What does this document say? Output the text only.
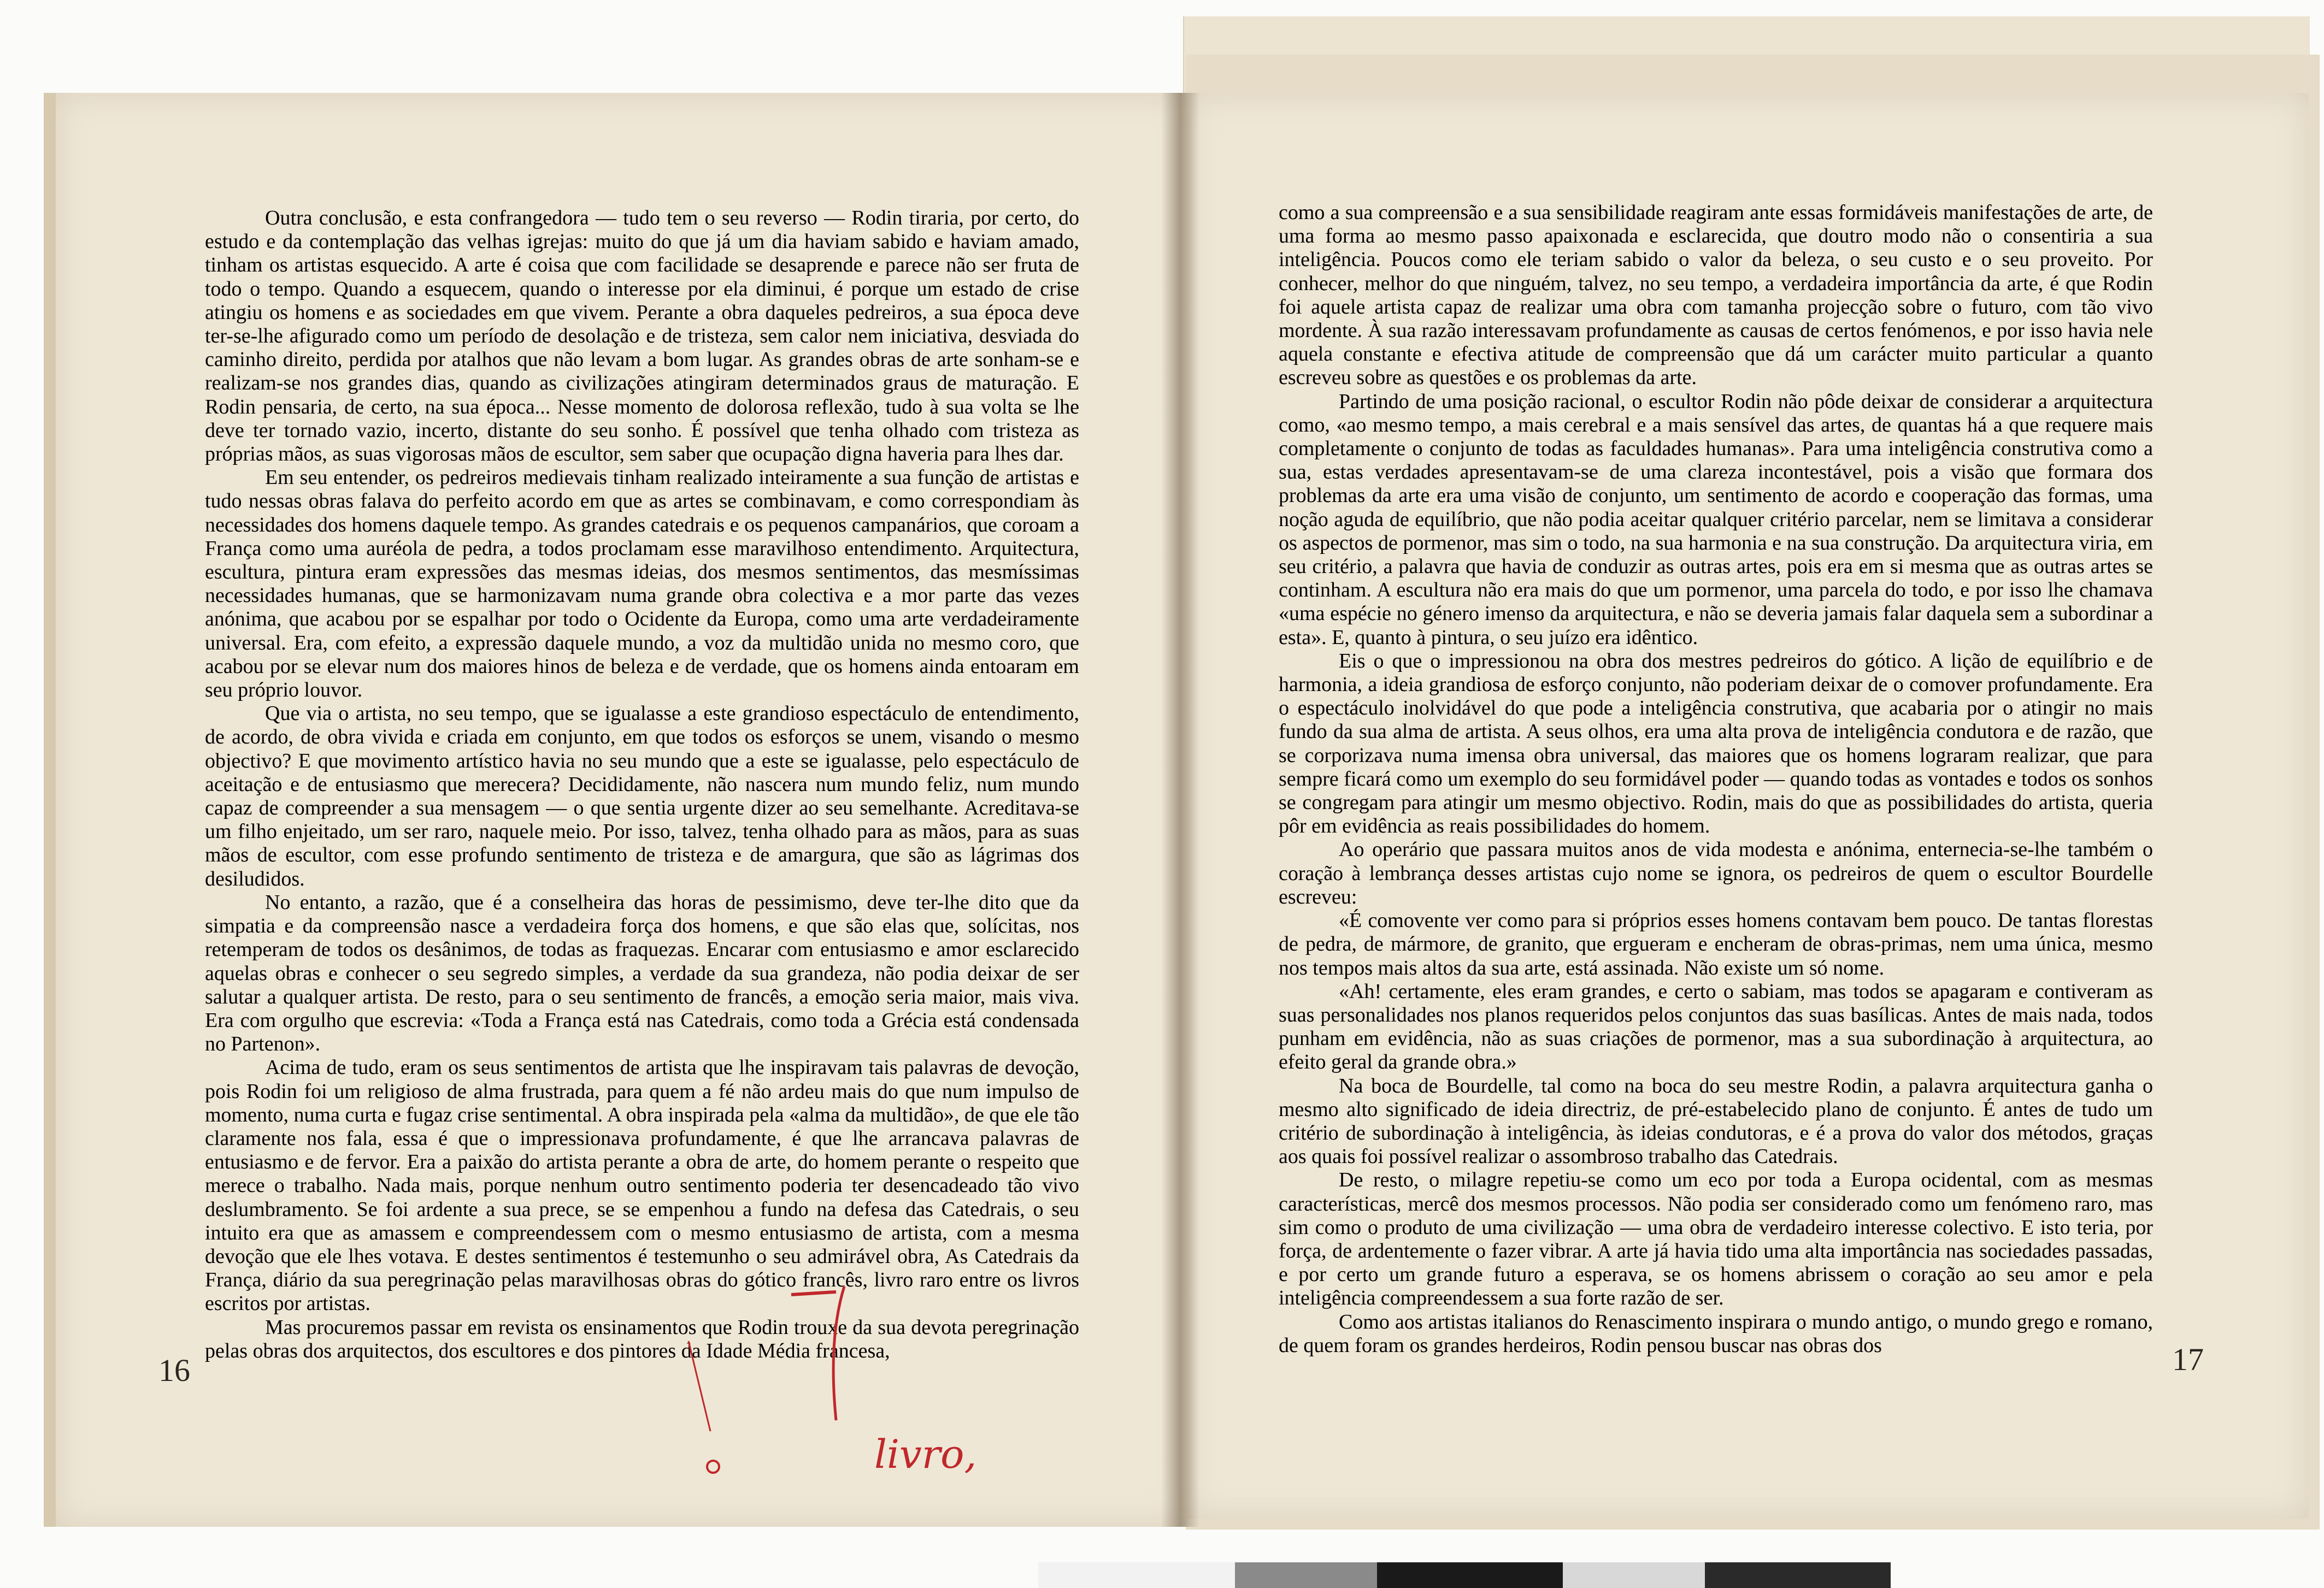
Outra conclusão, e esta confrangedora — tudo tem o seu reverso — Rodin tiraria, por certo, do estudo e da contemplação das velhas igrejas: muito do que já um dia haviam sabido e haviam amado, tinham os artistas esquecido. A arte é coisa que com facilidade se desaprende e parece não ser fruta de todo o tempo. Quando a esquecem, quando o interesse por ela diminui, é porque um estado de crise atingiu os homens e as sociedades em que vivem. Perante a obra daqueles pedreiros, a sua época deve ter-se-lhe afigurado como um período de desolação e de tristeza, sem calor nem iniciativa, desviada do caminho direito, perdida por atalhos que não levam a bom lugar. As grandes obras de arte sonham-se e realizam-se nos grandes dias, quando as civilizações atingiram determinados graus de maturação. E Rodin pensaria, de certo, na sua época... Nesse momento de dolorosa reflexão, tudo à sua volta se lhe deve ter tornado vazio, incerto, distante do seu sonho. É possível que tenha olhado com tristeza as próprias mãos, as suas vigorosas mãos de escultor, sem saber que ocupação digna haveria para lhes dar.

Em seu entender, os pedreiros medievais tinham realizado inteiramente a sua função de artistas e tudo nessas obras falava do perfeito acordo em que as artes se combinavam, e como correspondiam às necessidades dos homens daquele tempo. As grandes catedrais e os pequenos campanários, que coroam a França como uma auréola de pedra, a todos proclamam esse maravilhoso entendimento. Arquitectura, escultura, pintura eram expressões das mesmas ideias, dos mesmos sentimentos, das mesmíssimas necessidades humanas, que se harmonizavam numa grande obra colectiva e a mor parte das vezes anónima, que acabou por se espalhar por todo o Ocidente da Europa, como uma arte verdadeiramente universal. Era, com efeito, a expressão daquele mundo, a voz da multidão unida no mesmo coro, que acabou por se elevar num dos maiores hinos de beleza e de verdade, que os homens ainda entoaram em seu próprio louvor.

Que via o artista, no seu tempo, que se igualasse a este grandioso espectáculo de entendimento, de acordo, de obra vivida e criada em conjunto, em que todos os esforços se unem, visando o mesmo objectivo? E que movimento artístico havia no seu mundo que a este se igualasse, pelo espectáculo de aceitação e de entusiasmo que merecera? Decididamente, não nascera num mundo feliz, num mundo capaz de compreender a sua mensagem — o que sentia urgente dizer ao seu semelhante. Acreditava-se um filho enjeitado, um ser raro, naquele meio. Por isso, talvez, tenha olhado para as mãos, para as suas mãos de escultor, com esse profundo sentimento de tristeza e de amargura, que são as lágrimas dos desiludidos.

No entanto, a razão, que é a conselheira das horas de pessimismo, deve ter-lhe dito que da simpatia e da compreensão nasce a verdadeira força dos homens, e que são elas que, solícitas, nos retemperam de todos os desânimos, de todas as fraquezas. Encarar com entusiasmo e amor esclarecido aquelas obras e conhecer o seu segredo simples, a verdade da sua grandeza, não podia deixar de ser salutar a qualquer artista. De resto, para o seu sentimento de francês, a emoção seria maior, mais viva. Era com orgulho que escrevia: «Toda a França está nas Catedrais, como toda a Grécia está condensada no Partenon».

Acima de tudo, eram os seus sentimentos de artista que lhe inspiravam tais palavras de devoção, pois Rodin foi um religioso de alma frustrada, para quem a fé não ardeu mais do que num impulso de momento, numa curta e fugaz crise sentimental. A obra inspirada pela «alma da multidão», de que ele tão claramente nos fala, essa é que o impressionava profundamente, é que lhe arrancava palavras de entusiasmo e de fervor. Era a paixão do artista perante a obra de arte, do homem perante o respeito que merece o trabalho. Nada mais, porque nenhum outro sentimento poderia ter desencadeado tão vivo deslumbramento. Se foi ardente a sua prece, se se empenhou a fundo na defesa das Catedrais, o seu intuito era que as amassem e compreendessem com o mesmo entusiasmo de artista, com a mesma devoção que ele lhes votava. E destes sentimentos é testemunho o seu admirável obra, As Catedrais da França, diário da sua peregrinação pelas maravilhosas obras do gótico francês, livro raro entre os livros escritos por artistas.

Mas procuremos passar em revista os ensinamentos que Rodin trouxe da sua devota peregrinação pelas obras dos arquitectos, dos escultores e dos pintores da Idade Média francesa,

como a sua compreensão e a sua sensibilidade reagiram ante essas formidáveis manifestações de arte, de uma forma ao mesmo passo apaixonada e esclarecida, que doutro modo não o consentiria a sua inteligência. Poucos como ele teriam sabido o valor da beleza, o seu custo e o seu proveito. Por conhecer, melhor do que ninguém, talvez, no seu tempo, a verdadeira importância da arte, é que Rodin foi aquele artista capaz de realizar uma obra com tamanha projecção sobre o futuro, com tão vivo mordente. À sua razão interessavam profundamente as causas de certos fenómenos, e por isso havia nele aquela constante e efectiva atitude de compreensão que dá um carácter muito particular a quanto escreveu sobre as questões e os problemas da arte.

Partindo de uma posição racional, o escultor Rodin não pôde deixar de considerar a arquitectura como, «ao mesmo tempo, a mais cerebral e a mais sensível das artes, de quantas há a que requere mais completamente o conjunto de todas as faculdades humanas». Para uma inteligência construtiva como a sua, estas verdades apresentavam-se de uma clareza incontestável, pois a visão que formara dos problemas da arte era uma visão de conjunto, um sentimento de acordo e cooperação das formas, uma noção aguda de equilíbrio, que não podia aceitar qualquer critério parcelar, nem se limitava a considerar os aspectos de pormenor, mas sim o todo, na sua harmonia e na sua construção. Da arquitectura viria, em seu critério, a palavra que havia de conduzir as outras artes, pois era em si mesma que as outras artes se continham. A escultura não era mais do que um pormenor, uma parcela do todo, e por isso lhe chamava «uma espécie no género imenso da arquitectura, e não se deveria jamais falar daquela sem a subordinar a esta». E, quanto à pintura, o seu juízo era idêntico.

Eis o que o impressionou na obra dos mestres pedreiros do gótico. A lição de equilíbrio e de harmonia, a ideia grandiosa de esforço conjunto, não poderiam deixar de o comover profundamente. Era o espectáculo inolvidável do que pode a inteligência construtiva, que acabaria por o atingir no mais fundo da sua alma de artista. A seus olhos, era uma alta prova de inteligência condutora e de razão, que se corporizava numa imensa obra universal, das maiores que os homens lograram realizar, que para sempre ficará como um exemplo do seu formidável poder — quando todas as vontades e todos os sonhos se congregam para atingir um mesmo objectivo. Rodin, mais do que as possibilidades do artista, queria pôr em evidência as reais possibilidades do homem.

Ao operário que passara muitos anos de vida modesta e anónima, enternecia-se-lhe também o coração à lembrança desses artistas cujo nome se ignora, os pedreiros de quem o escultor Bourdelle escreveu:

«É comovente ver como para si próprios esses homens contavam bem pouco. De tantas florestas de pedra, de mármore, de granito, que ergueram e encheram de obras-primas, nem uma única, mesmo nos tempos mais altos da sua arte, está assinada. Não existe um só nome.

«Ah! certamente, eles eram grandes, e certo o sabiam, mas todos se apagaram e contiveram as suas personalidades nos planos requeridos pelos conjuntos das suas basílicas. Antes de mais nada, todos punham em evidência, não as suas criações de pormenor, mas a sua subordinação à arquitectura, ao efeito geral da grande obra.»

Na boca de Bourdelle, tal como na boca do seu mestre Rodin, a palavra arquitectura ganha o mesmo alto significado de ideia directriz, de pré-estabelecido plano de conjunto. É antes de tudo um critério de subordinação à inteligência, às ideias condutoras, e é a prova do valor dos métodos, graças aos quais foi possível realizar o assombroso trabalho das Catedrais.

De resto, o milagre repetiu-se como um eco por toda a Europa ocidental, com as mesmas características, mercê dos mesmos processos. Não podia ser considerado como um fenómeno raro, mas sim como o produto de uma civilização — uma obra de verdadeiro interesse colectivo. E isto teria, por força, de ardentemente o fazer vibrar. A arte já havia tido uma alta importância nas sociedades passadas, e por certo um grande futuro a esperava, se os homens abrissem o coração ao seu amor e pela inteligência compreendessem a sua forte razão de ser.

Como aos artistas italianos do Renascimento inspirara o mundo antigo, o mundo grego e romano, de quem foram os grandes herdeiros, Rodin pensou buscar nas obras dos

16	17
livro,
